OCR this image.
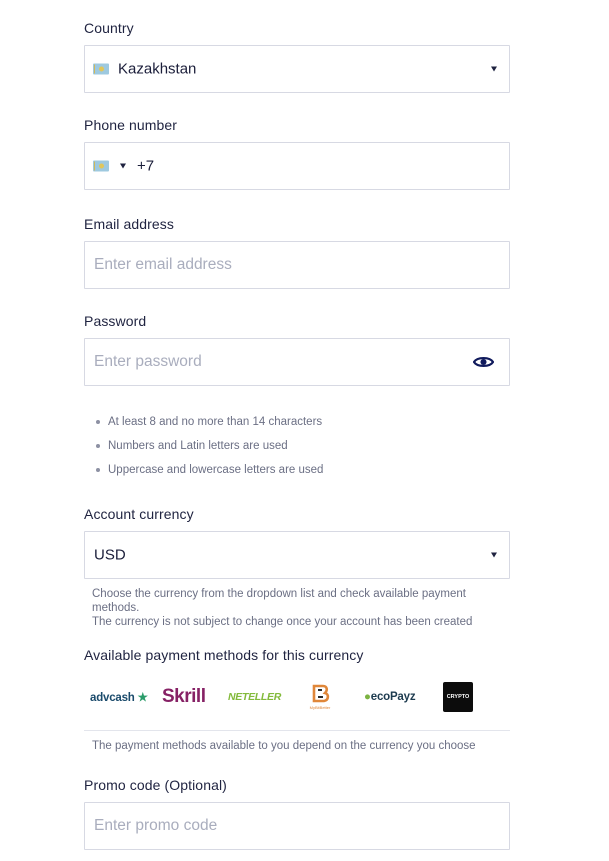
Country
Kazakhstan
Phone number
+7
Email address
Enter email address
Password
Enter password
At least 8 and no more than 14 characters
Numbers and Latin letters are used
Uppercase and lowercase letters are used
Account currency
USD
Choose the currency from the dropdown list and check available payment methods.
The currency is not subject to change once your account has been created
Available payment methods for this currency
advcash ★ Skrill NETELLER
MyBitBetter
●ecoPayz	CRYPTO
The payment methods available to you depend on the currency you choose
Promo code (Optional)
Enter promo code
